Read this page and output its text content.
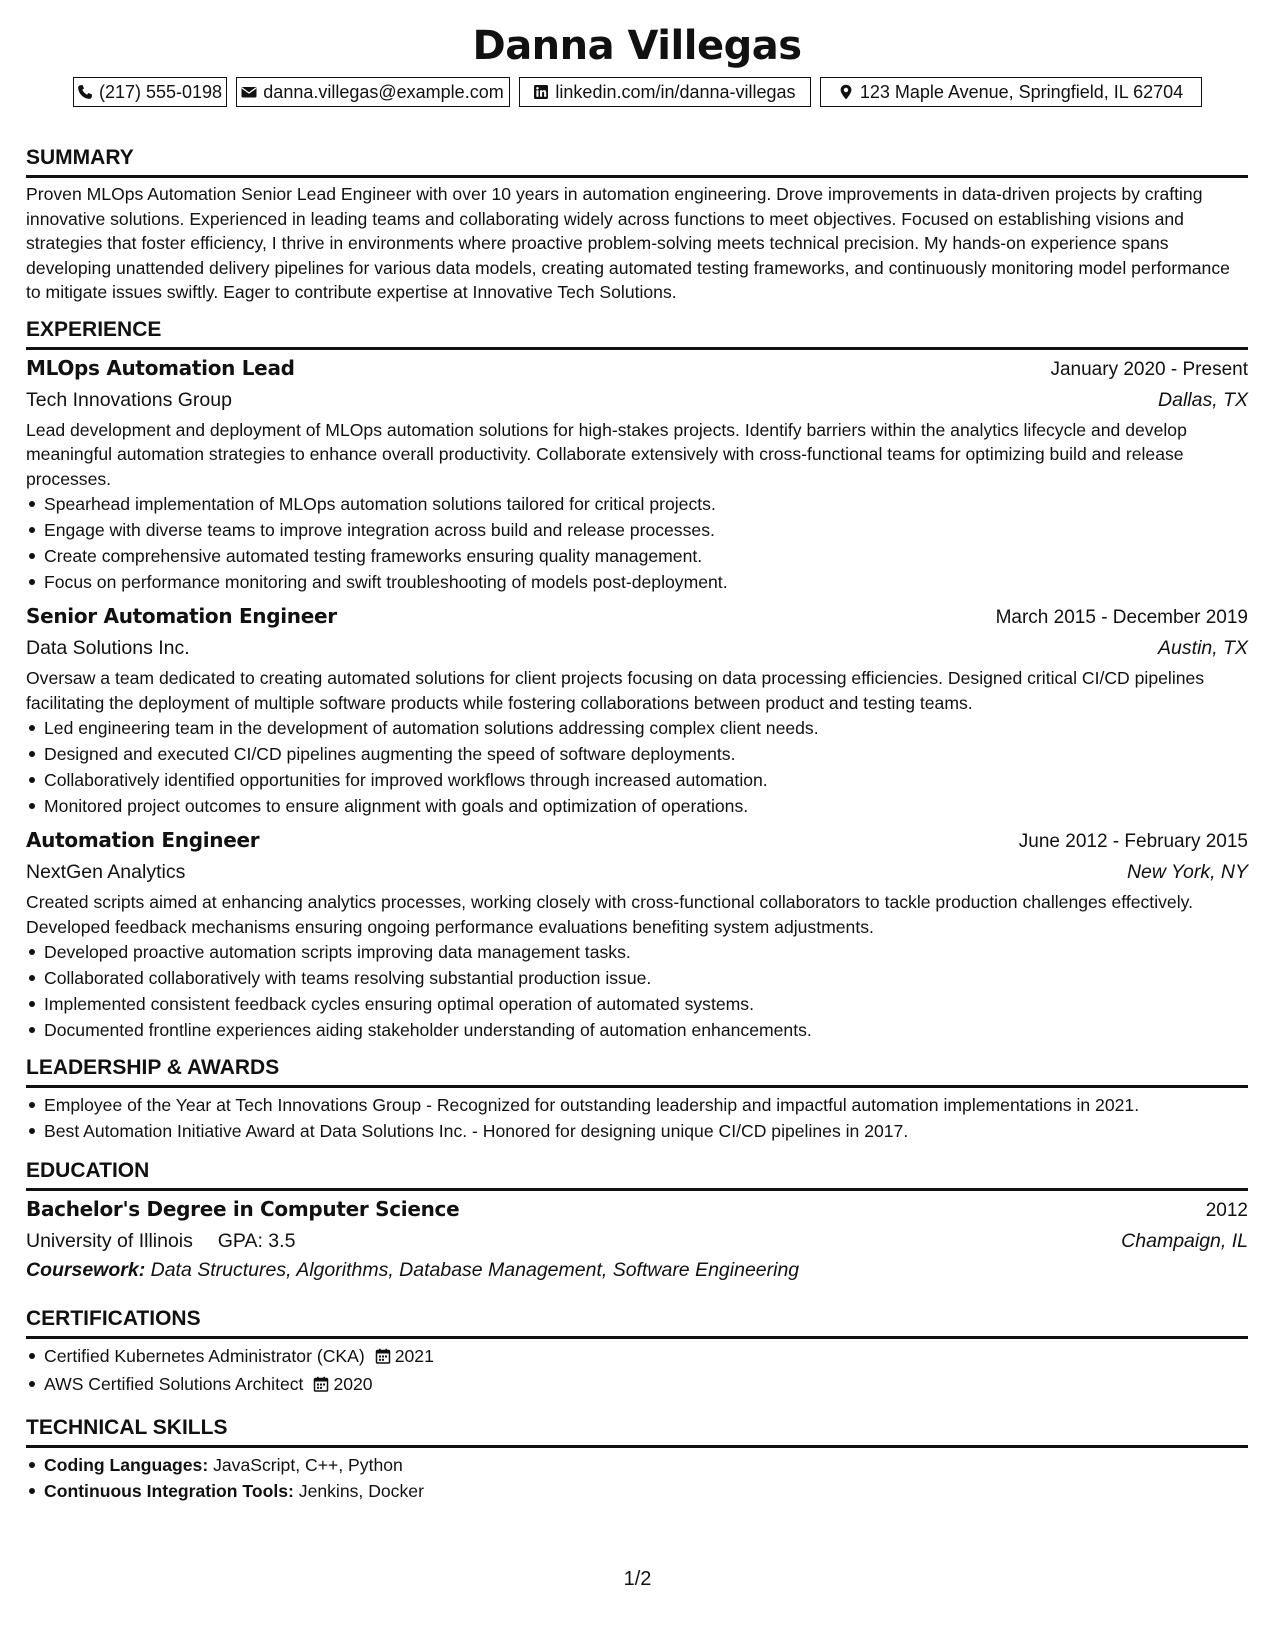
Danna Villegas
(217) 555-0198 danna.villegas@example.com	linkedin.com/in/danna-villegas	123 Maple Avenue, Springfield, IL 62704
SUMMARY
Proven MLOps Automation Senior Lead Engineer with over 10 years in automation engineering. Drove improvements in data-driven projects by crafting innovative solutions. Experienced in leading teams and collaborating widely across functions to meet objectives. Focused on establishing visions and strategies that foster efficiency, I thrive in environments where proactive problem-solving meets technical precision. My hands-on experience spans developing unattended delivery pipelines for various data models, creating automated testing frameworks, and continuously monitoring model performance to mitigate issues swiftly. Eager to contribute expertise at Innovative Tech Solutions.
EXPERIENCE
MLOps Automation Lead	January 2020 - Present
Tech Innovations Group	Dallas, TX
Lead development and deployment of MLOps automation solutions for high-stakes projects. Identify barriers within the analytics lifecycle and develop meaningful automation strategies to enhance overall productivity. Collaborate extensively with cross-functional teams for optimizing build and release processes.
Spearhead implementation of MLOps automation solutions tailored for critical projects.
Engage with diverse teams to improve integration across build and release processes.
Create comprehensive automated testing frameworks ensuring quality management.
Focus on performance monitoring and swift troubleshooting of models post-deployment.
Senior Automation Engineer	March 2015 - December 2019
Data Solutions Inc.	Austin, TX
Oversaw a team dedicated to creating automated solutions for client projects focusing on data processing efficiencies. Designed critical CI/CD pipelines facilitating the deployment of multiple software products while fostering collaborations between product and testing teams.
Led engineering team in the development of automation solutions addressing complex client needs.
Designed and executed CI/CD pipelines augmenting the speed of software deployments.
Collaboratively identified opportunities for improved workflows through increased automation.
Monitored project outcomes to ensure alignment with goals and optimization of operations.
Automation Engineer	June 2012 - February 2015
NextGen Analytics	New York, NY
Created scripts aimed at enhancing analytics processes, working closely with cross-functional collaborators to tackle production challenges effectively. Developed feedback mechanisms ensuring ongoing performance evaluations benefiting system adjustments.
Developed proactive automation scripts improving data management tasks.
Collaborated collaboratively with teams resolving substantial production issue.
Implemented consistent feedback cycles ensuring optimal operation of automated systems.
Documented frontline experiences aiding stakeholder understanding of automation enhancements.
LEADERSHIP & AWARDS
Employee of the Year at Tech Innovations Group - Recognized for outstanding leadership and impactful automation implementations in 2021.
Best Automation Initiative Award at Data Solutions Inc. - Honored for designing unique CI/CD pipelines in 2017.
EDUCATION
Bachelor's Degree in Computer Science	2012
University of Illinois GPA: 3.5	Champaign, IL
Coursework: Data Structures, Algorithms, Database Management, Software Engineering
CERTIFICATIONS
Certified Kubernetes Administrator (CKA) 2021
AWS Certified Solutions Architect 2020
TECHNICAL SKILLS
Coding Languages: JavaScript, C++, Python
Continuous Integration Tools: Jenkins, Docker
1/2
